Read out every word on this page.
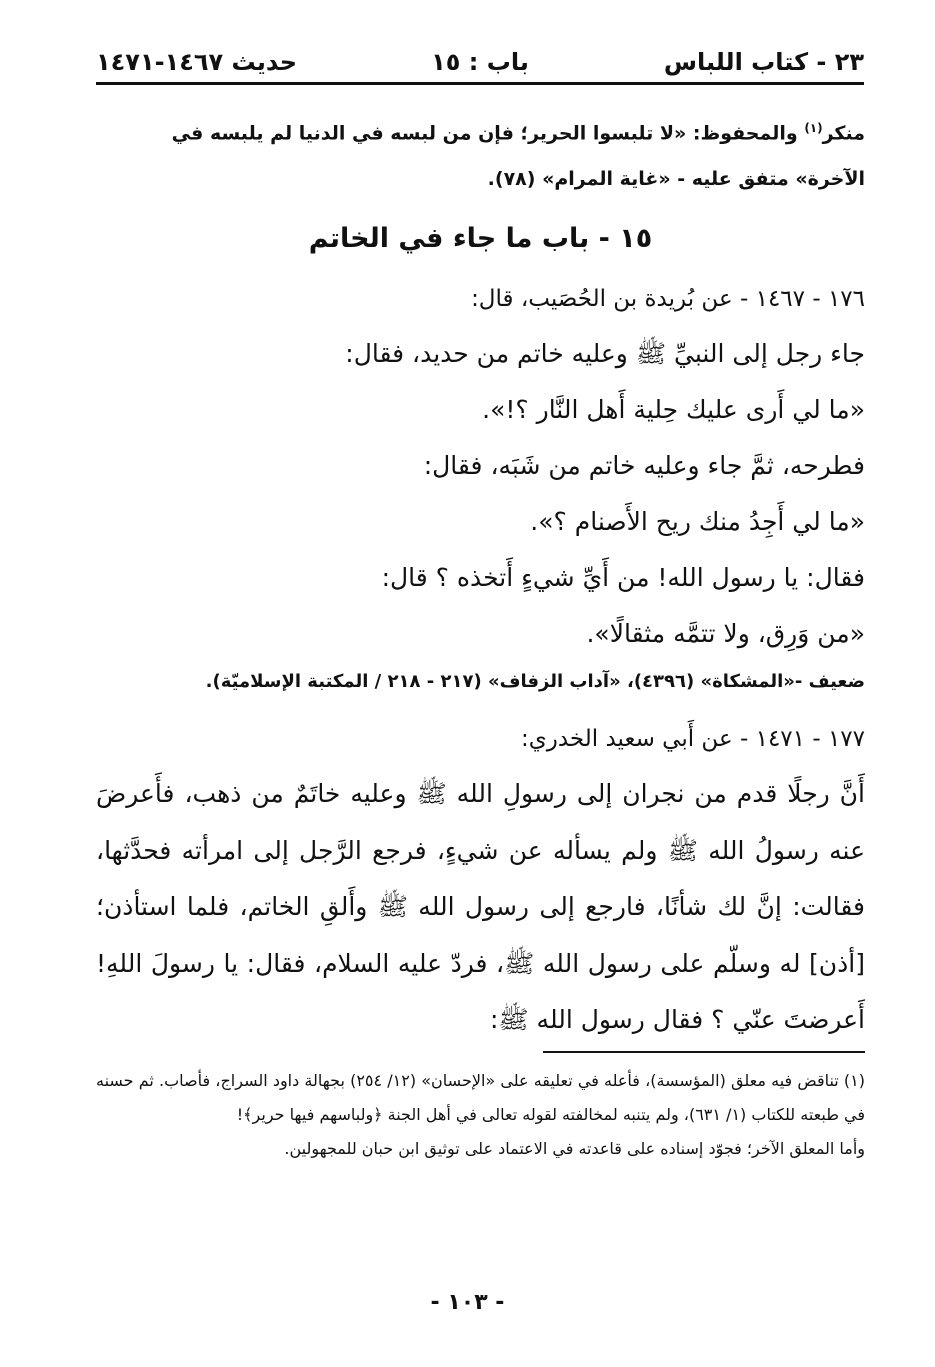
٢٣ - كتاب اللباس
باب : ١٥
حديث ١٤٦٧-١٤٧١
منكر$^{(١)}$ والمحفوظ: «لا تلبسوا الحرير؛ فإن من لبسه في الدنيا لم يلبسه في الآخرة» متفق عليه - «غاية المرام» (٧٨).
١٥ - باب ما جاء في الخاتم
١٧٦ - ١٤٦٧ - عن بُريدة بن الحُصَيب، قال:
جاء رجل إلى النبيِّ ﷺ وعليه خاتم من حديد، فقال:
«ما لي أَرى عليك حِلية أَهل النَّار ؟!».
فطرحه، ثمَّ جاء وعليه خاتم من شَبَه، فقال:
«ما لي أَجِدُ منك ريح الأَصنام ؟».
فقال: يا رسول الله! من أَيِّ شيءٍ أَتخذه ؟ قال:
«من وَرِق، ولا تتمَّه مثقالًا».
ضعيف -«المشكاة» (٤٣٩٦)، «آداب الزفاف» (٢١٧ - ٢١٨ / المكتبة الإسلاميّة).
١٧٧ - ١٤٧١ - عن أَبي سعيد الخدري:
أَنَّ رجلًا قدم من نجران إلى رسولِ الله ﷺ وعليه خاتَمٌ من ذهب، فأَعرضَ عنه رسولُ الله ﷺ ولم يسأله عن شيءٍ، فرجع الرَّجل إلى امرأته فحدَّثها، فقالت: إنَّ لك شأنًا، فارجع إلى رسول الله ﷺ وأَلقِ الخاتم، فلما استأذن؛ [أذن] له وسلّم على رسول الله ﷺ، فردّ عليه السلام، فقال: يا رسولَ اللهِ! أَعرضتَ عنّي ؟ فقال رسول الله ﷺ:
(١) تناقض فيه معلق (المؤسسة)، فأعله في تعليقه على «الإحسان» (١٢/ ٢٥٤) بجهالة داود السراج، فأصاب. ثم حسنه في طبعته للكتاب (١/ ٦٣١)، ولم يتنبه لمخالفته لقوله تعالى في أهل الجنة ﴿ولباسهم فيها حرير﴾!
وأما المعلق الآخر؛ فجوّد إسناده على قاعدته في الاعتماد على توثيق ابن حبان للمجهولين.
- ١٠٣ -
